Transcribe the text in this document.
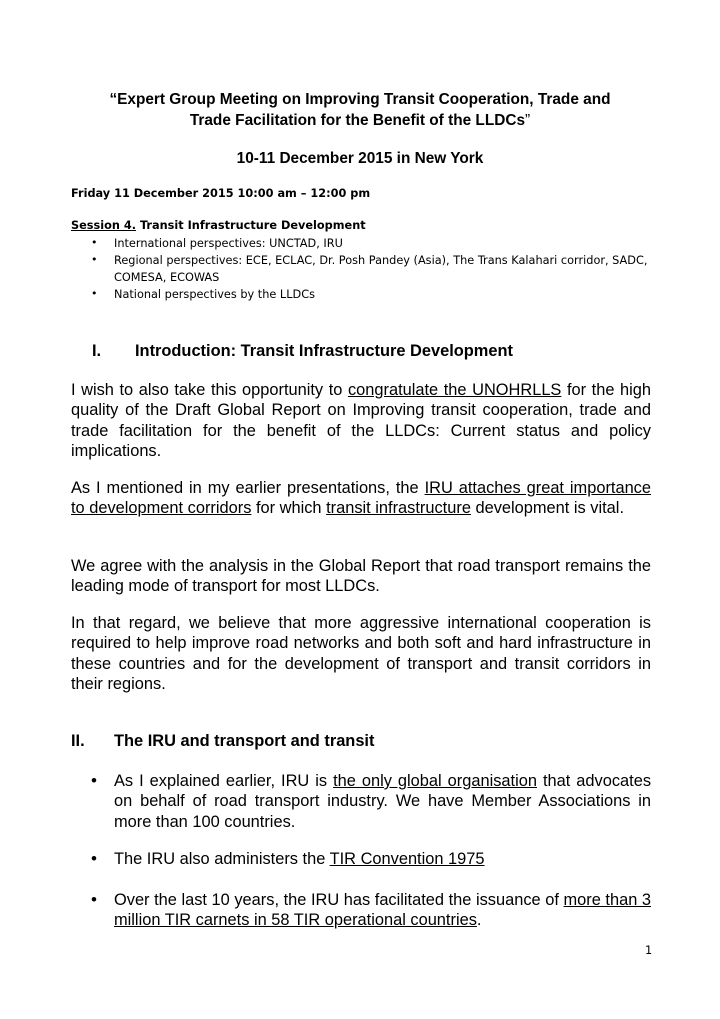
“Expert Group Meeting on Improving Transit Cooperation, Trade and
Trade Facilitation for the Benefit of the LLDCs”
10-11 December 2015 in New York
Friday 11 December 2015 10:00 am – 12:00 pm
Session 4. Transit Infrastructure Development
• International perspectives: UNCTAD, IRU
• Regional perspectives: ECE, ECLAC, Dr. Posh Pandey (Asia), The Trans Kalahari corridor, SADC,
COMESA, ECOWAS
• National perspectives by the LLDCs
I. Introduction: Transit Infrastructure Development
I wish to also take this opportunity to congratulate the UNOHRLLS for the high quality of the Draft Global Report on Improving transit cooperation, trade and trade facilitation for the benefit of the LLDCs: Current status and policy implications.
As I mentioned in my earlier presentations, the IRU attaches great importance to development corridors for which transit infrastructure development is vital.
We agree with the analysis in the Global Report that road transport remains the leading mode of transport for most LLDCs.
In that regard, we believe that more aggressive international cooperation is required to help improve road networks and both soft and hard infrastructure in these countries and for the development of transport and transit corridors in their regions.
II. The IRU and transport and transit
• As I explained earlier, IRU is the only global organisation that advocates on behalf of road transport industry. We have Member Associations in more than 100 countries.
• The IRU also administers the TIR Convention 1975
• Over the last 10 years, the IRU has facilitated the issuance of more than 3 million TIR carnets in 58 TIR operational countries.
1
